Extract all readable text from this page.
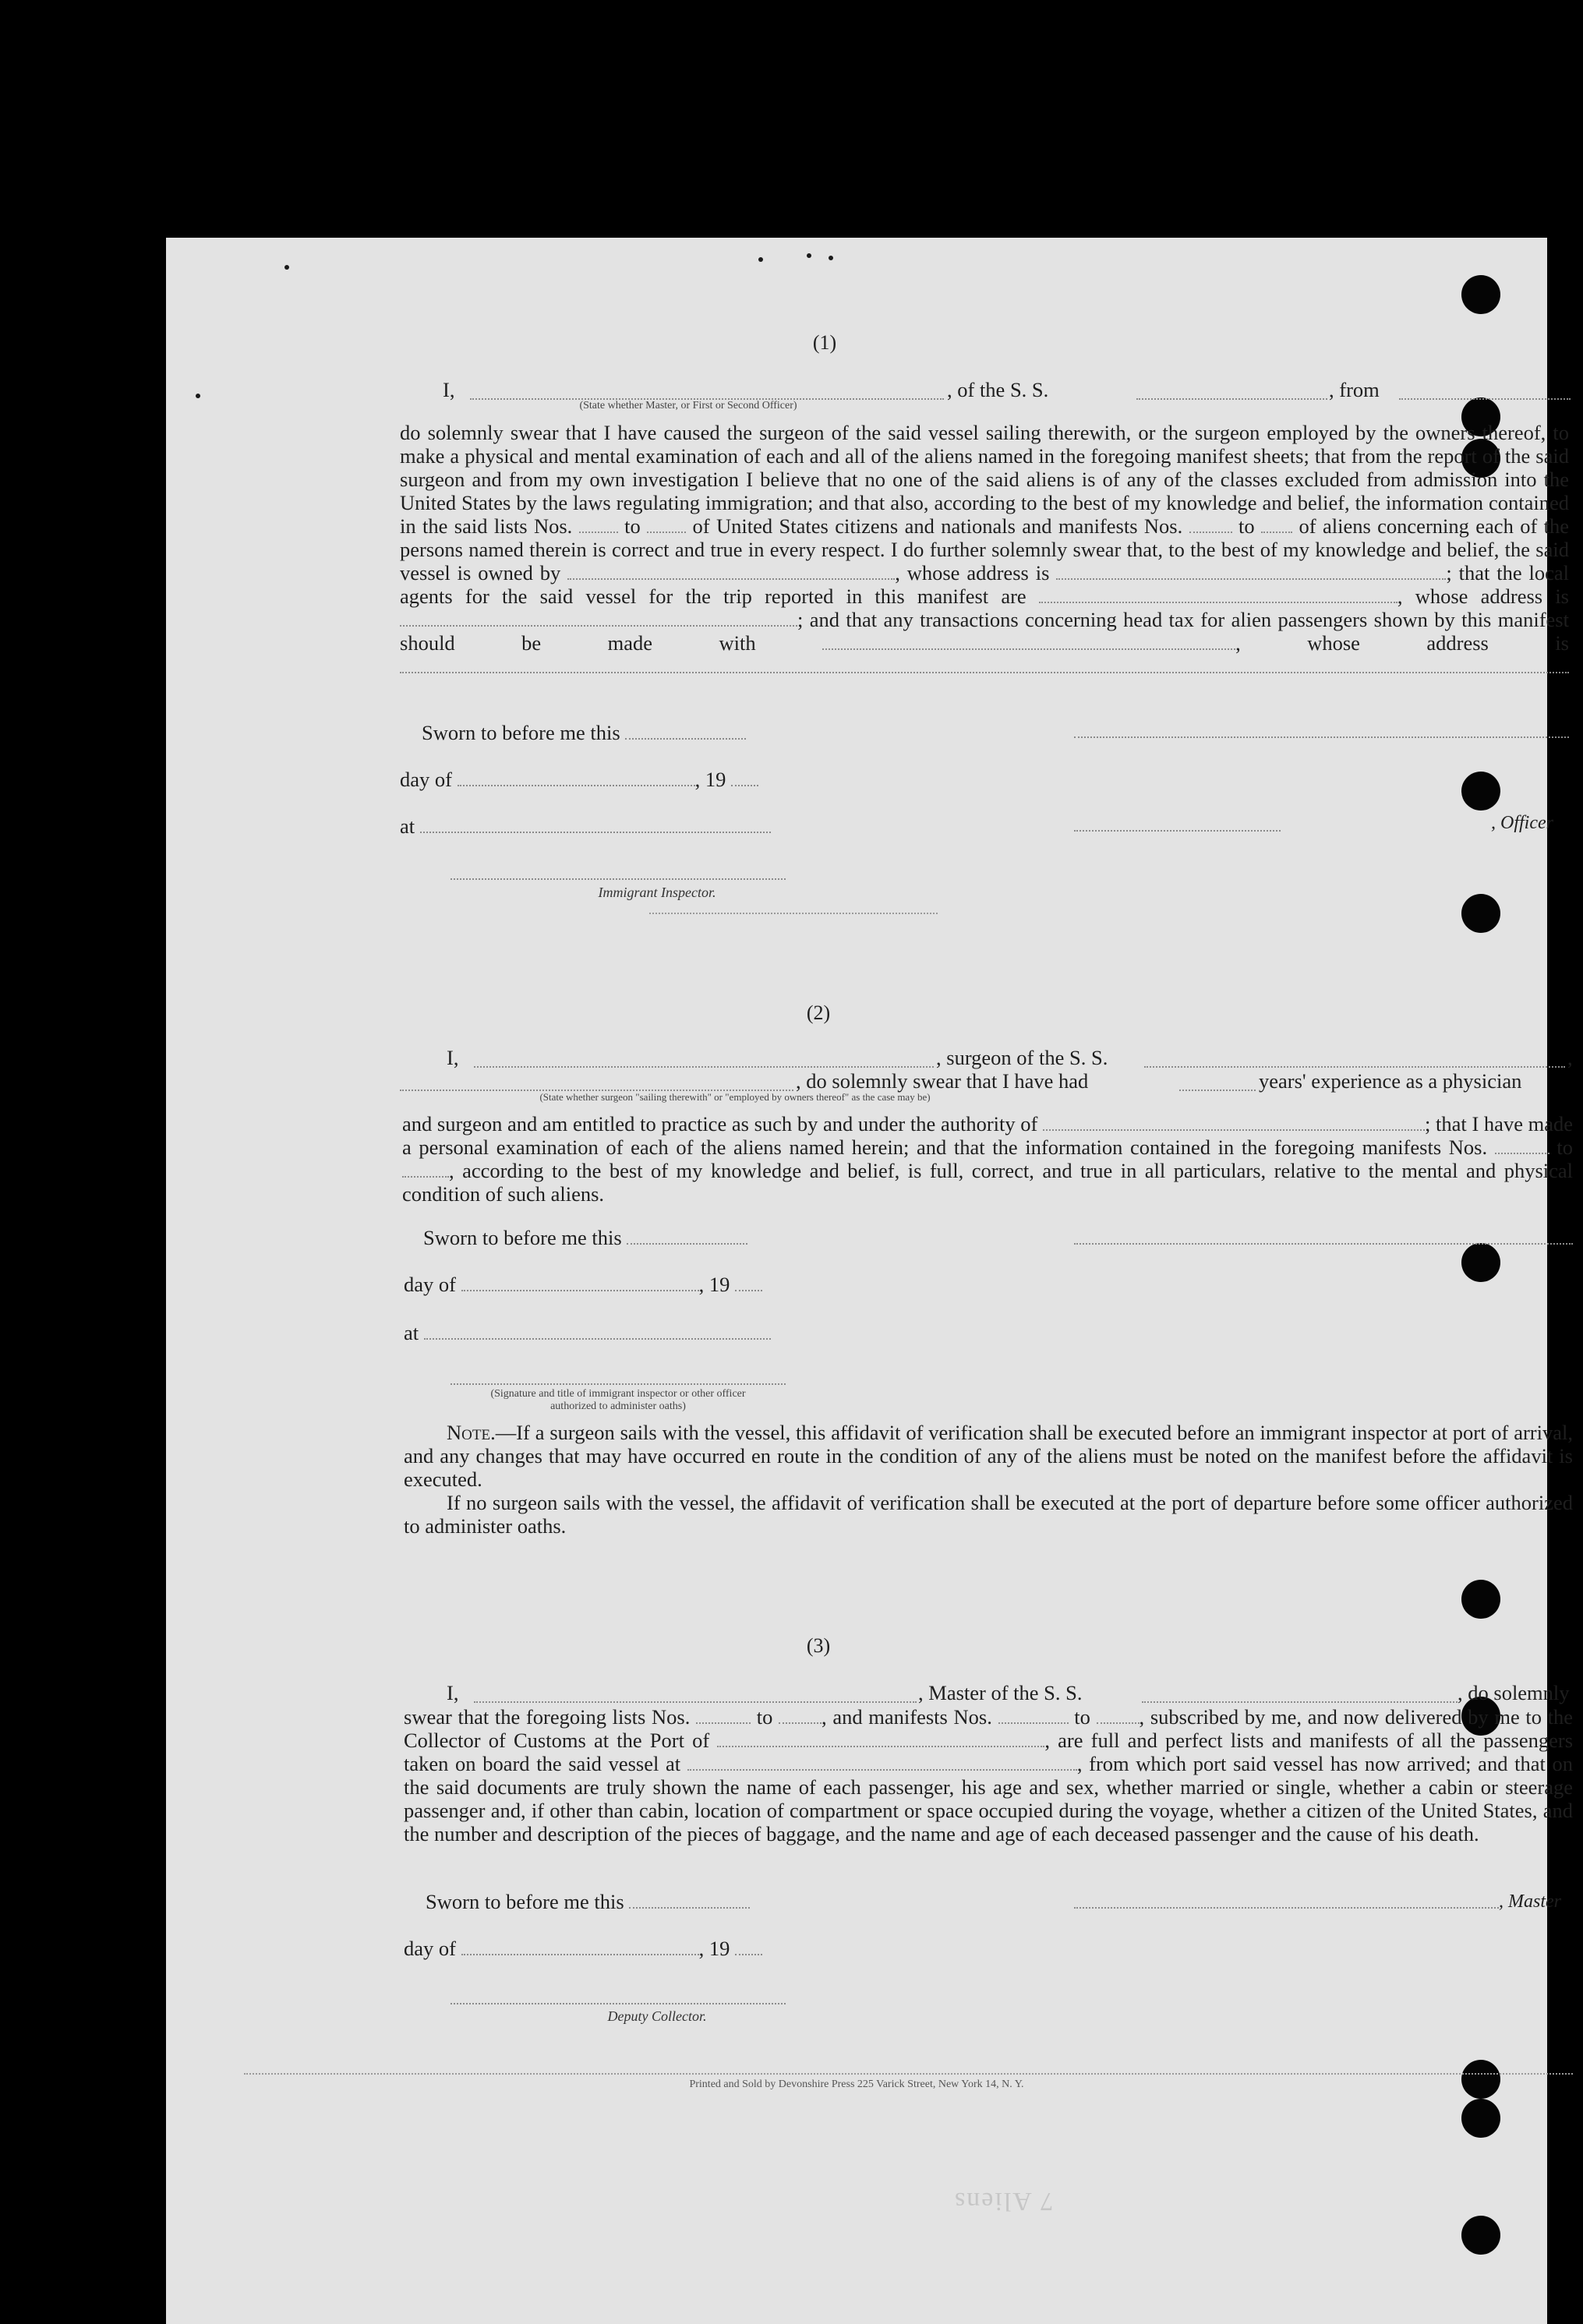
7 Aliens
(1)
I,	, of the S. S.	, from
(State whether Master, or First or Second Officer)
do solemnly swear that I have caused the surgeon of the said vessel sailing therewith, or the surgeon employed by the owners thereof, to make a physical and mental examination of each and all of the aliens named in the foregoing manifest sheets; that from the report of the said surgeon and from my own investigation I believe that no one of the said aliens is of any of the classes excluded from admission into the United States by the laws regulating immigration; and that also, according to the best of my knowledge and belief, the information contained in the said lists Nos.	to	of United States citizens and nationals and manifests Nos.	to of aliens concerning each of the persons named therein is correct and true in every respect. I do further solemnly swear that, to the best of my knowledge and belief, the said vessel is owned by	, whose address is	; that the local agents for the said vessel for the trip reported in this manifest are	, whose address is ; and that any transactions concerning head tax for alien passengers shown by this manifest should be made with	, whose address is
Sworn to before me this
day of	, 19
at	, Officer
Immigrant Inspector.
(2)
I,	, surgeon of the S. S.	,
, do solemnly swear that I have had	years' experience as a physician
(State whether surgeon "sailing therewith" or "employed by owners thereof" as the case may be)
and surgeon and am entitled to practice as such by and under the authority of	; that I have made a personal examination of each of the aliens named herein; and that the information contained in the foregoing manifests Nos.	to , according to the best of my knowledge and belief, is full, correct, and true in all particulars, relative to the mental and physical condition of such aliens.
Sworn to before me this
day of	, 19
at
(Signature and title of immigrant inspector or other officer authorized to administer oaths)
Note.—If a surgeon sails with the vessel, this affidavit of verification shall be executed before an immigrant inspector at port of arrival, and any changes that may have occurred en route in the condition of any of the aliens must be noted on the manifest before the affidavit is executed.
If no surgeon sails with the vessel, the affidavit of verification shall be executed at the port of departure before some officer authorized to administer oaths.
(3)
I,	, Master of the S. S.	, do solemnly
swear that the foregoing lists Nos.	to , and manifests Nos.	to , subscribed by me, and now delivered by me to the Collector of Customs at the Port of	, are full and perfect lists and manifests of all the passengers taken on board the said vessel at	, from which port said vessel has now arrived; and that on the said documents are truly shown the name of each passenger, his age and sex, whether married or single, whether a cabin or steerage passenger and, if other than cabin, location of compartment or space occupied during the voyage, whether a citizen of the United States, and the number and description of the pieces of baggage, and the name and age of each deceased passenger and the cause of his death.
Sworn to before me this	, Master
day of	, 19
Deputy Collector.
Printed and Sold by Devonshire Press 225 Varick Street, New York 14, N. Y.
